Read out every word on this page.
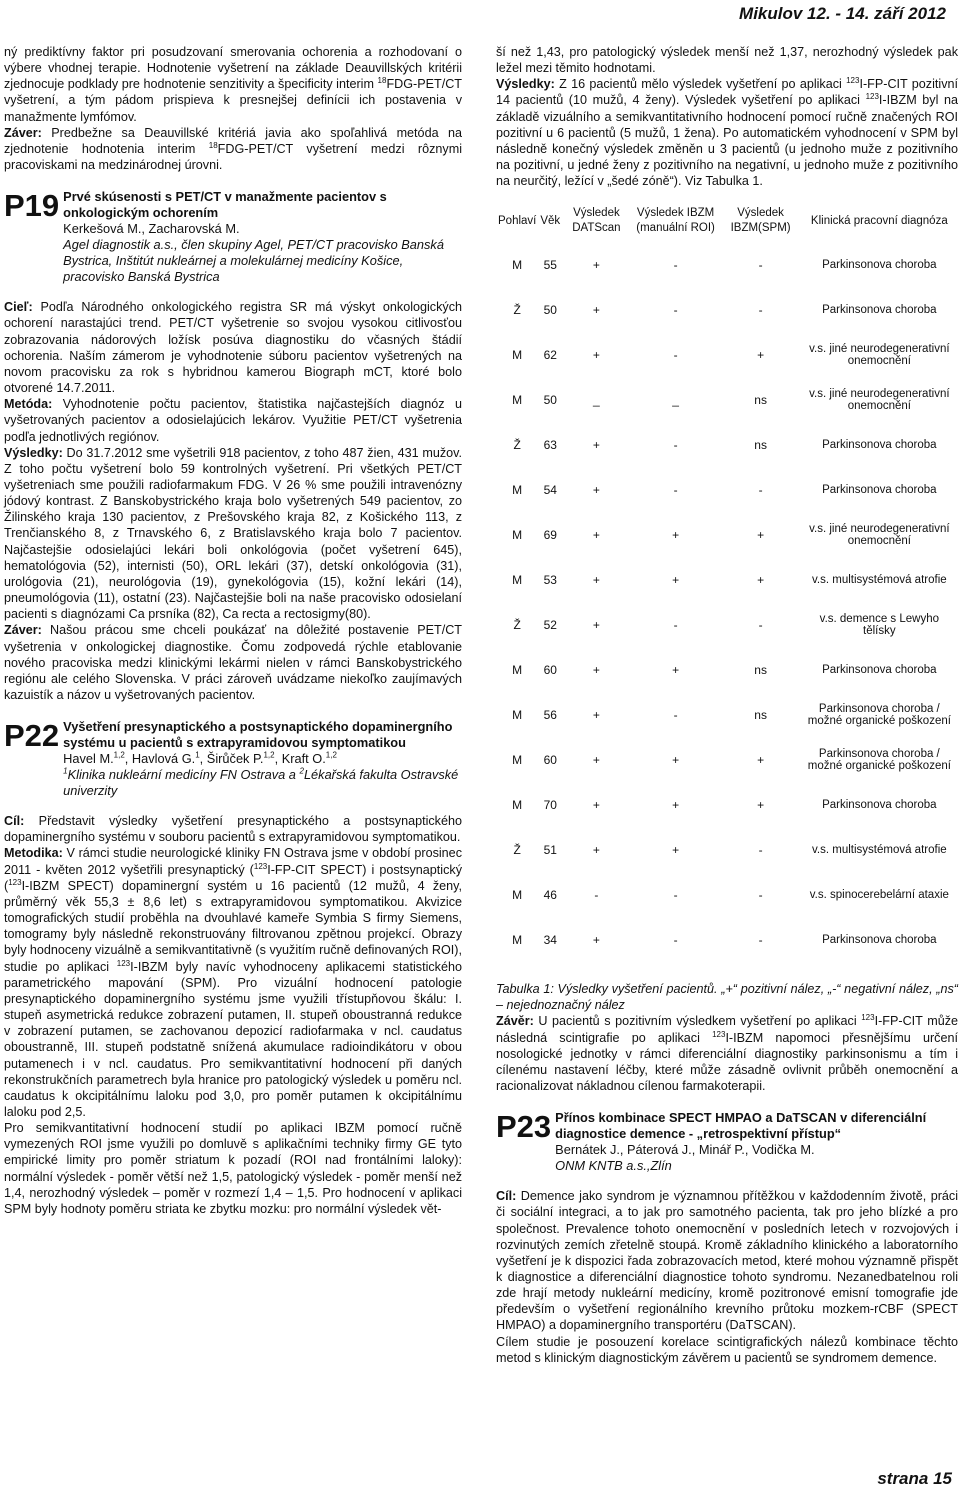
Mikulov 12. - 14. září 2012

ný prediktívny faktor pri posudzovaní smerovania ochorenia a rozhodovaní o výbere vhodnej terapie. Hodnotenie vyšetrení na základe Deauvillských kritérii zjednocuje podklady pre hodnotenie senzitivity a špecificity interim $^{18}$FDG-PET/CT vyšetrení, a tým pádom prispieva k presnejšej definícii ich postavenia v manažmente lymfómov.

Záver: Predbežne sa Deauvillské kritériá javia ako spoľahlivá metóda na zjednotenie hodnotenia interim $^{18}$FDG-PET/CT vyšetrení medzi rôznymi pracoviskami na medzinárodnej úrovni.

P19 Prvé skúsenosti s PET/CT v manažmente pacientov s onkologickým ochorením
Kerkešová M., Zacharovská M.
Agel diagnostik a.s., člen skupiny Agel, PET/CT pracovisko Banská Bystrica, Inštitút nukleárnej a molekulárnej medicíny Košice, pracovisko Banská Bystrica

Cieľ: Podľa Národného onkologického registra SR má výskyt onkologických ochorení narastajúci trend. PET/CT vyšetrenie so svojou vysokou citlivosťou zobrazovania nádorových ložísk posúva diagnostiku do včasných štádií ochorenia. Naším zámerom je vyhodnotenie súboru pacientov vyšetrených na novom pracovisku za rok s hybridnou kamerou Biograph mCT, ktoré bolo otvorené 14.7.2011.

Metóda: Vyhodnotenie počtu pacientov, štatistika najčastejších diagnóz u vyšetrovaných pacientov a odosielajúcich lekárov. Využitie PET/CT vyšetrenia podľa jednotlivých regiónov.

Výsledky: Do 31.7.2012 sme vyšetrili 918 pacientov, z toho 487 žien, 431 mužov. Z toho počtu vyšetrení bolo 59 kontrolných vyšetrení. Pri všetkých PET/CT vyšetreniach sme použili radiofarmakum FDG. V 26 % sme použili intravenózny jódový kontrast. Z Banskobystrického kraja bolo vyšetrených 549 pacientov, zo Žilinského kraja 130 pacientov, z Prešovského kraja 82, z Košického 113, z Trenčianského 8, z Trnavského 6, z Bratislavského kraja bolo 7 pacientov. Najčastejšie odosielajúci lekári boli onkológovia (počet vyšetrení 645), hematológovia (52), internisti (50), ORL lekári (37), detskí onkológovia (31), urológovia (21), neurológovia (19), gynekológovia (15), kožní lekári (14), pneumológovia (11), ostatní (23). Najčastejšie boli na naše pracovisko odosielaní pacienti s diagnózami Ca prsníka (82), Ca recta a rectosigmy(80).

Záver: Našou prácou sme chceli poukázať na dôležité postavenie PET/CT vyšetrenia v onkologickej diagnostike. Čomu zodpovedá rýchle etablovanie nového pracoviska medzi klinickými lekármi nielen v rámci Banskobystrického regiónu ale celého Slovenska. V práci zároveň uvádzame niekoľko zaujímavých kazuistík a názov u vyšetrovaných pacientov.

P22 Vyšetření presynaptického a postsynaptického dopaminergního systému u pacientů s extrapyramidovou symptomatikou
Havel M.$^{1,2}$, Havlová G.$^1$, Širůček P.$^{1,2}$, Kraft O.$^{1,2}$
$^1$Klinika nukleární medicíny FN Ostrava a $^2$Lékařská fakulta Ostravské univerzity

Cíl: Představit výsledky vyšetření presynaptického a postsynaptického dopaminergního systému v souboru pacientů s extrapyramidovou symptomatikou.

Metodika: V rámci studie neurologické kliniky FN Ostrava jsme v období prosinec 2011 - květen 2012 vyšetřili presynaptický ($^{123}$I-FP-CIT SPECT) i postsynaptický ($^{123}$I-IBZM SPECT) dopaminergní systém u 16 pacientů (12 mužů, 4 ženy, průměrný věk 55,3 ± 8,6 let) s extrapyramidovou symptomatikou. Akvizice tomografických studií proběhla na dvouhlavé kameře Symbia S firmy Siemens, tomogramy byly následně rekonstruovány filtrovanou zpětnou projekcí. Obrazy byly hodnoceny vizuálně a semikvantitativně (s využitím ručně definovaných ROI), studie po aplikaci $^{123}$I-IBZM byly navíc vyhodnoceny aplikacemi statistického parametrického mapování (SPM). Pro vizuální hodnocení patologie presynaptického dopaminergního systému jsme využili třístupňovou škálu: I. stupeň asymetrická redukce zobrazení putamen, II. stupeň oboustranná redukce v zobrazení putamen, se zachovanou depozicí radiofarmaka v ncl. caudatus oboustranně, III. stupeň podstatně snížená akumulace radioindikátoru v obou putamenech i v ncl. caudatus. Pro semikvantitativní hodnocení při daných rekonstrukčních parametrech byla hranice pro patologický výsledek u poměru ncl. caudatus k okcipitálnímu laloku pod 3,0, pro poměr putamen k okcipitálnímu laloku pod 2,5.

Pro semikvantitativní hodnocení studií po aplikaci IBZM pomocí ručně vymezených ROI jsme využili po domluvě s aplikačními techniky firmy GE tyto empirické limity pro poměr striatum k pozadí (ROI nad frontálními laloky): normální výsledek - poměr větší než 1,5, patologický výsledek - poměr menší než 1,4, nerozhodný výsledek – poměr v rozmezí 1,4 – 1,5. Pro hodnocení v aplikaci SPM byly hodnoty poměru striata ke zbytku mozku: pro normální výsledek vět-

ší než 1,43, pro patologický výsledek menší než 1,37, nerozhodný výsledek pak ležel mezi těmito hodnotami.

Výsledky: Z 16 pacientů mělo výsledek vyšetření po aplikaci $^{123}$I-FP-CIT pozitivní 14 pacientů (10 mužů, 4 ženy). Výsledek vyšetření po aplikaci $^{123}$I-IBZM byl na základě vizuálního a semikvantitativního hodnocení pomocí ručně značených ROI pozitivní u 6 pacientů (5 mužů, 1 žena). Po automatickém vyhodnocení v SPM byl následně konečný výsledek změněn u 3 pacientů (u jednoho muže z pozitivního na pozitivní, u jedné ženy z pozitivního na negativní, u jednoho muže z pozitivního na neurčitý, ležící v „šedé zóně“). Viz Tabulka 1.

Pohlaví	Věk	Výsledek DATScan	Výsledek IBZM (manuální ROI)	Výsledek IBZM(SPM)	Klinická pracovní diagnóza
M	55	+	-	-	Parkinsonova choroba
Ž	50	+	-	-	Parkinsonova choroba
M	62	+	-	+	v.s. jiné neurodegenerativní onemocnění
M	50	_	_	ns	v.s. jiné neurodegenerativní onemocnění
Ž	63	+	-	ns	Parkinsonova choroba
M	54	+	-	-	Parkinsonova choroba
M	69	+	+	+	v.s. jiné neurodegenerativní onemocnění
M	53	+	+	+	v.s. multisystémová atrofie
Ž	52	+	-	-	v.s. demence s Lewyho tělísky
M	60	+	+	ns	Parkinsonova choroba
M	56	+	-	ns	Parkinsonova choroba / možné organické poškození
M	60	+	+	+	Parkinsonova choroba / možné organické poškození
M	70	+	+	+	Parkinsonova choroba
Ž	51	+	+	-	v.s. multisystémová atrofie
M	46	-	-	-	v.s. spinocerebelární ataxie
M	34	+	-	-	Parkinsonova choroba
Tabulka 1: Výsledky vyšetření pacientů. „+“ pozitivní nález, „-“ negativní nález, „ns“ – nejednoznačný nález

Závěr: U pacientů s pozitivním výsledkem vyšetření po aplikaci $^{123}$I-FP-CIT může následná scintigrafie po aplikaci $^{123}$I-IBZM napomoci přesnějšímu určení nosologické jednotky v rámci diferenciální diagnostiky parkinsonismu a tím i cílenému nastavení léčby, které může zásadně ovlivnit průběh onemocnění a racionalizovat nákladnou cílenou farmakoterapii.

P23 Přínos kombinace SPECT HMPAO a DaTSCAN v diferenciální diagnostice demence - „retrospektivní přístup“
Bernátek J., Páterová J., Minář P., Vodička M.
ONM KNTB a.s.,Zlín

Cíl: Demence jako syndrom je významnou přítěžkou v každodenním životě, práci či sociální integraci, a to jak pro samotného pacienta, tak pro jeho blízké a pro společnost. Prevalence tohoto onemocnění v posledních letech v rozvojových i rozvinutých zemích zřetelně stoupá. Kromě základního klinického a laboratorního vyšetření je k dispozici řada zobrazovacích metod, které mohou významně přispět k diagnostice a diferenciální diagnostice tohoto syndromu. Nezanedbatelnou roli zde hrají metody nukleární medicíny, kromě pozitronové emisní tomografie jde především o vyšetření regionálního krevního průtoku mozkem-rCBF (SPECT HMPAO) a dopaminergního transportéru (DaTSCAN).

Cílem studie je posouzení korelace scintigrafických nálezů kombinace těchto metod s klinickým diagnostickým závěrem u pacientů se syndromem demence.

strana 15
